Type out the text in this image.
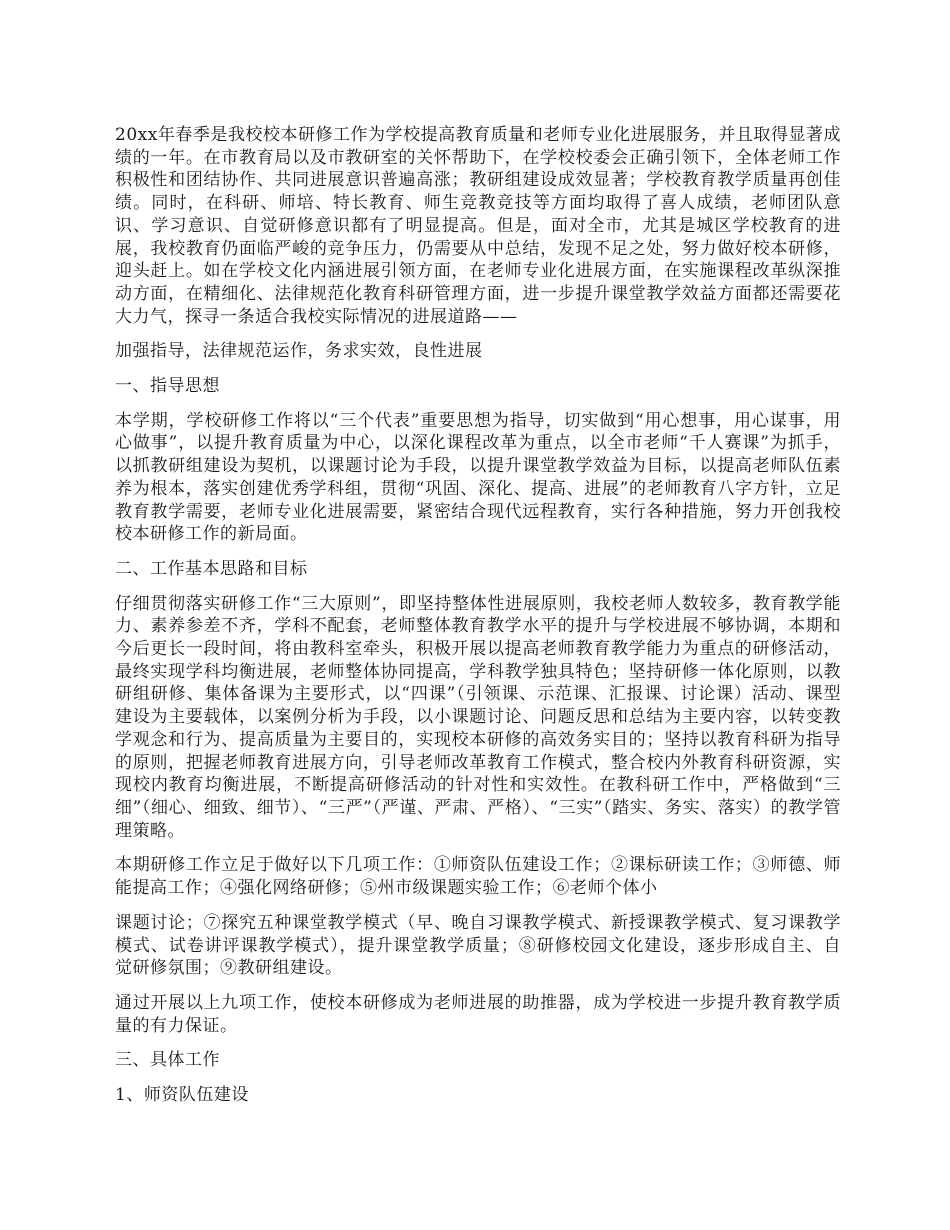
20xx年春季是我校校本研修工作为学校提高教育质量和老师专业化进展服务，并且取得显著成绩的一年。在市教育局以及市教研室的关怀帮助下，在学校校委会正确引领下，全体老师工作积极性和团结协作、共同进展意识普遍高涨；教研组建设成效显著；学校教育教学质量再创佳绩。同时，在科研、师培、特长教育、师生竞教竞技等方面均取得了喜人成绩，老师团队意识、学习意识、自觉研修意识都有了明显提高。但是，面对全市，尤其是城区学校教育的进展，我校教育仍面临严峻的竞争压力，仍需要从中总结，发现不足之处，努力做好校本研修，迎头赶上。如在学校文化内涵进展引领方面，在老师专业化进展方面，在实施课程改革纵深推动方面，在精细化、法律规范化教育科研管理方面，进一步提升课堂教学效益方面都还需要花大力气，探寻一条适合我校实际情况的进展道路——

加强指导，法律规范运作，务求实效，良性进展

一、指导思想

本学期，学校研修工作将以“三个代表”重要思想为指导，切实做到“用心想事，用心谋事，用心做事”，以提升教育质量为中心，以深化课程改革为重点，以全市老师“千人赛课”为抓手，以抓教研组建设为契机，以课题讨论为手段，以提升课堂教学效益为目标，以提高老师队伍素养为根本，落实创建优秀学科组，贯彻“巩固、深化、提高、进展”的老师教育八字方针，立足教育教学需要，老师专业化进展需要，紧密结合现代远程教育，实行各种措施，努力开创我校校本研修工作的新局面。

二、工作基本思路和目标

仔细贯彻落实研修工作“三大原则”，即坚持整体性进展原则，我校老师人数较多，教育教学能力、素养参差不齐，学科不配套，老师整体教育教学水平的提升与学校进展不够协调，本期和今后更长一段时间，将由教科室牵头，积极开展以提高老师教育教学能力为重点的研修活动，最终实现学科均衡进展，老师整体协同提高，学科教学独具特色；坚持研修一体化原则，以教研组研修、集体备课为主要形式，以“四课”（引领课、示范课、汇报课、讨论课）活动、课型建设为主要载体，以案例分析为手段，以小课题讨论、问题反思和总结为主要内容，以转变教学观念和行为、提高质量为主要目的，实现校本研修的高效务实目的；坚持以教育科研为指导的原则，把握老师教育进展方向，引导老师改革教育工作模式，整合校内外教育科研资源，实现校内教育均衡进展，不断提高研修活动的针对性和实效性。在教科研工作中，严格做到“三细”（细心、细致、细节）、“三严”（严谨、严肃、严格）、“三实”（踏实、务实、落实）的教学管理策略。

本期研修工作立足于做好以下几项工作：①师资队伍建设工作；②课标研读工作；③师德、师能提高工作；④强化网络研修；⑤州市级课题实验工作；⑥老师个体小

课题讨论；⑦探究五种课堂教学模式（早、晚自习课教学模式、新授课教学模式、复习课教学模式、试卷讲评课教学模式），提升课堂教学质量；⑧研修校园文化建设，逐步形成自主、自觉研修氛围；⑨教研组建设。

通过开展以上九项工作，使校本研修成为老师进展的助推器，成为学校进一步提升教育教学质量的有力保证。

三、具体工作

1、师资队伍建设
